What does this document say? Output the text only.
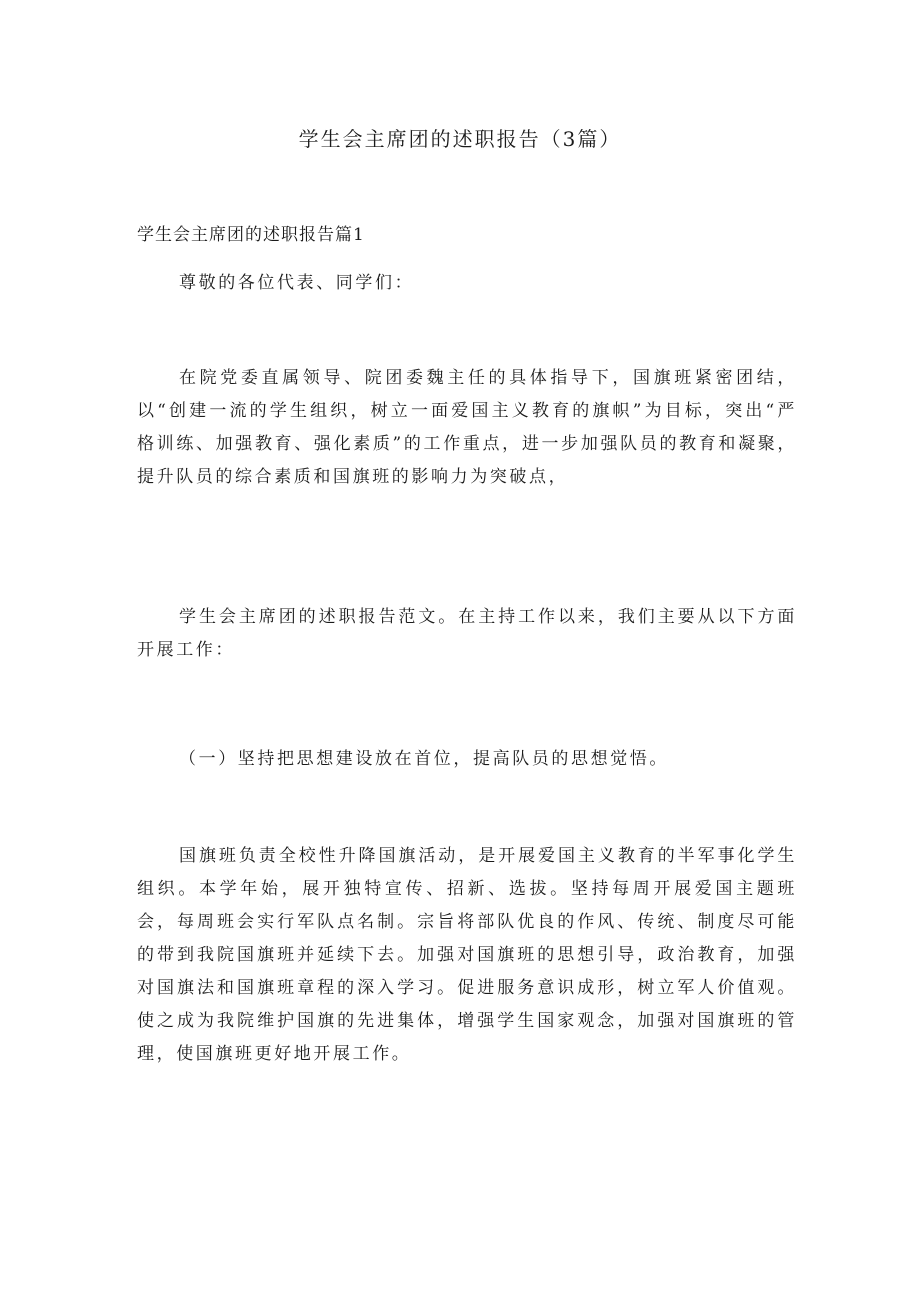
学生会主席团的述职报告（3篇）
学生会主席团的述职报告篇1

尊敬的各位代表、同学们：

在院党委直属领导、院团委魏主任的具体指导下，国旗班紧密团结，以“创建一流的学生组织，树立一面爱国主义教育的旗帜”为目标，突出“严格训练、加强教育、强化素质”的工作重点，进一步加强队员的教育和凝聚，提升队员的综合素质和国旗班的影响力为突破点，

学生会主席团的述职报告范文。在主持工作以来，我们主要从以下方面开展工作：

（一）坚持把思想建设放在首位，提高队员的思想觉悟。

国旗班负责全校性升降国旗活动，是开展爱国主义教育的半军事化学生组织。本学年始，展开独特宣传、招新、选拔。坚持每周开展爱国主题班会，每周班会实行军队点名制。宗旨将部队优良的作风、传统、制度尽可能的带到我院国旗班并延续下去。加强对国旗班的思想引导，政治教育，加强对国旗法和国旗班章程的深入学习。促进服务意识成形，树立军人价值观。使之成为我院维护国旗的先进集体，增强学生国家观念，加强对国旗班的管理，使国旗班更好地开展工作。
